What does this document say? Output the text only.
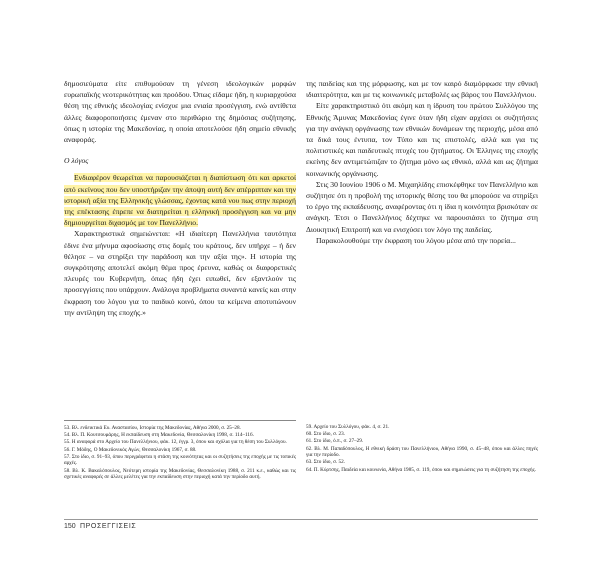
δημοσιεύματα είτε επιθυμούσαν τη γένεση ιδεολογικών μορφών ευρωπαϊκής νεοτερικότητας και προόδου. Όπως είδαμε ήδη, η κυριαρχούσα θέση της εθνικής ιδεολογίας ενίσχυε μια ενιαία προσέγγιση, ενώ αντίθετα άλλες διαφοροποιήσεις έμεναν στο περιθώριο της δημόσιας συζήτησης, όπως η ιστορία της Μακεδονίας, η οποία αποτελούσε ήδη σημείο εθνικής αναφοράς.

Ο λόγος

Ενδιαφέρον θεωρείται να παρουσιάζεται η διαπίστωση ότι και αρκετοί από εκείνους που δεν υποστήριζαν την άποψη αυτή δεν απέρριπταν και την ιστορική αξία της Ελληνικής γλώσσας, έχοντας κατά νου πως στην περιοχή της επέκτασης έπρεπε να διατηρείται η ελληνική προσέγγιση και να μην δημιουργείται διχασμός με τον Πανελλήνιο.

Χαρακτηριστικά σημειώνεται: «Η ιδιαίτερη Πανελλήνια ταυτότητα έδινε ένα μήνυμα αφοσίωσης στις δομές του κράτους, δεν υπήρχε – ή δεν θέλησε – να στηρίξει την παράδοση και την αξία της». Η ιστορία της συγκρότησης αποτελεί ακόμη θέμα προς έρευνα, καθώς οι διαφορετικές πλευρές του Κυβερνήτη, όπως ήδη έχει ειπωθεί, δεν εξαντλούν τις προσεγγίσεις που υπάρχουν. Ανάλογα προβλήματα συναντά κανείς και στην έκφραση του λόγου για το παιδικό κοινό, όπου τα κείμενα αποτυπώνουν την αντίληψη της εποχής.»

της παιδείας και της μόρφωσης, και με τον καιρό διαμόρφωσε την εθνική ιδιαιτερότητα, και με τις κοινωνικές μεταβολές ως βάρος του Πανελλήνιου.

Είτε χαρακτηριστικό ότι ακόμη και η ίδρυση του πρώτου Συλλόγου της Εθνικής Άμυνας Μακεδονίας έγινε όταν ήδη είχαν αρχίσει οι συζητήσεις για την ανάγκη οργάνωσης των εθνικών δυνάμεων της περιοχής, μέσα από τα δικά τους έντυπα, τον Τύπο και τις επιστολές, αλλά και για τις πολιτιστικές και παιδευτικές πτυχές του ζητήματος. Οι Έλληνες της εποχής εκείνης δεν αντιμετώπιζαν το ζήτημα μόνο ως εθνικό, αλλά και ως ζήτημα κοινωνικής οργάνωσης.

Στις 30 Ιουνίου 1906 ο Μ. Μιχαηλίδης επισκέφθηκε τον Πανελλήνιο και συζήτησε ότι η προβολή της ιστορικής θέσης του θα μπορούσε να στηρίξει το έργο της εκπαίδευσης, αναφέροντας ότι η ίδια η κοινότητα βρισκόταν σε ανάγκη. Έτσι ο Πανελλήνιος δέχτηκε να παρουσιάσει το ζήτημα στη Διοικητική Επιτροπή και να ενισχύσει τον λόγο της παιδείας.

Παρακολουθούμε την έκφραση του λόγου μέσα από την πορεία...

53. Βλ. ενδεικτικά Ευ. Αναστασίου, Ιστορία της Μακεδονίας, Αθήνα 2000, σ. 25–28.

54. Βλ. Π. Κουτσουμάρης, Η εκπαίδευση στη Μακεδονία, Θεσσαλονίκη 1998, σ. 114–116.

55. Η αναφορά στο Αρχείο του Πανελλήνιου, φάκ. 12, έγγρ. 3, όπου και σχόλια για τη θέση του Συλλόγου.

56. Γ. Μόδης, Ο Μακεδονικός Αγών, Θεσσαλονίκη 1967, σ. 88.

57. Στο ίδιο, σ. 91–93, όπου περιγράφεται η στάση της κοινότητας και οι συζητήσεις της εποχής με τις τοπικές αρχές.

58. Βλ. Κ. Βακαλόπουλος, Νεότερη ιστορία της Μακεδονίας, Θεσσαλονίκη 1988, σ. 211 κ.ε., καθώς και τις σχετικές αναφορές σε άλλες μελέτες για την εκπαίδευση στην περιοχή κατά την περίοδο αυτή.

59. Αρχείο του Συλλόγου, φάκ. 4, σ. 21.

60. Στο ίδιο, σ. 23.

61. Στο ίδιο, ό.π., σ. 27–29.

62. Βλ. Μ. Παπαδόπουλος, Η εθνική δράση του Πανελλήνιου, Αθήνα 1990, σ. 45–48, όπου και άλλες πηγές για την περίοδο.

63. Στο ίδιο, σ. 52.

64. Π. Κύρτσης, Παιδεία και κοινωνία, Αθήνα 1985, σ. 119, όπου και σημειώσεις για τη συζήτηση της εποχής.

150 ΠΡΟΣΕΓΓΙΣΕΙΣ
